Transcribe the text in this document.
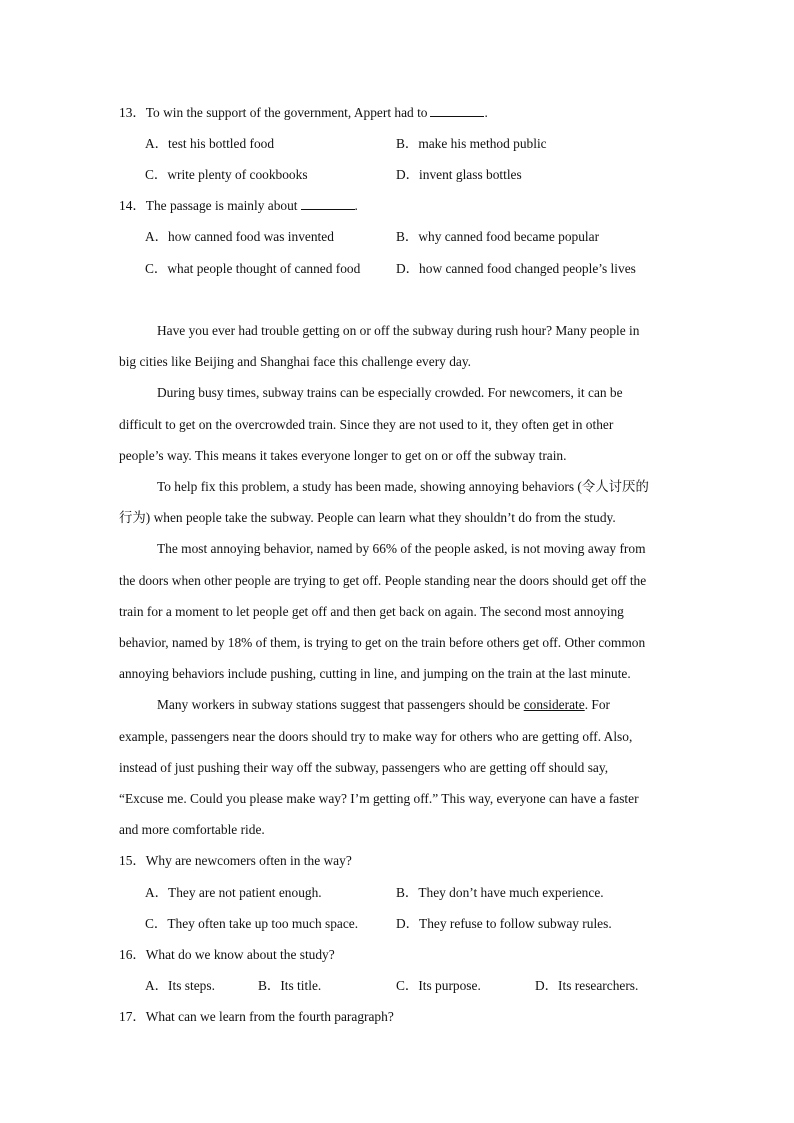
13．To win the support of the government, Appert had to	.
A．test his bottled food	B．make his method public
C．write plenty of cookbooks	D．invent glass bottles
14．The passage is mainly about	.
A．how canned food was invented	B．why canned food became popular
C．what people thought of canned food	D．how canned food changed people’s lives
Have you ever had trouble getting on or off the subway during rush hour? Many people in
big cities like Beijing and Shanghai face this challenge every day.
During busy times, subway trains can be especially crowded. For newcomers, it can be
difficult to get on the overcrowded train. Since they are not used to it, they often get in other
people’s way. This means it takes everyone longer to get on or off the subway train.
To help fix this problem, a study has been made, showing annoying behaviors (令人讨厌的
行为) when people take the subway. People can learn what they shouldn’t do from the study.
The most annoying behavior, named by 66% of the people asked, is not moving away from
the doors when other people are trying to get off. People standing near the doors should get off the
train for a moment to let people get off and then get back on again. The second most annoying
behavior, named by 18% of them, is trying to get on the train before others get off. Other common
annoying behaviors include pushing, cutting in line, and jumping on the train at the last minute.
Many workers in subway stations suggest that passengers should be considerate. For
example, passengers near the doors should try to make way for others who are getting off. Also,
instead of just pushing their way off the subway, passengers who are getting off should say,
“Excuse me. Could you please make way? I’m getting off.” This way, everyone can have a faster
and more comfortable ride.
15．Why are newcomers often in the way?
A．They are not patient enough.	B．They don’t have much experience.
C．They often take up too much space.	D．They refuse to follow subway rules.
16．What do we know about the study?
A．Its steps.	B．Its title.	C．Its purpose.	D．Its researchers.
17．What can we learn from the fourth paragraph?
